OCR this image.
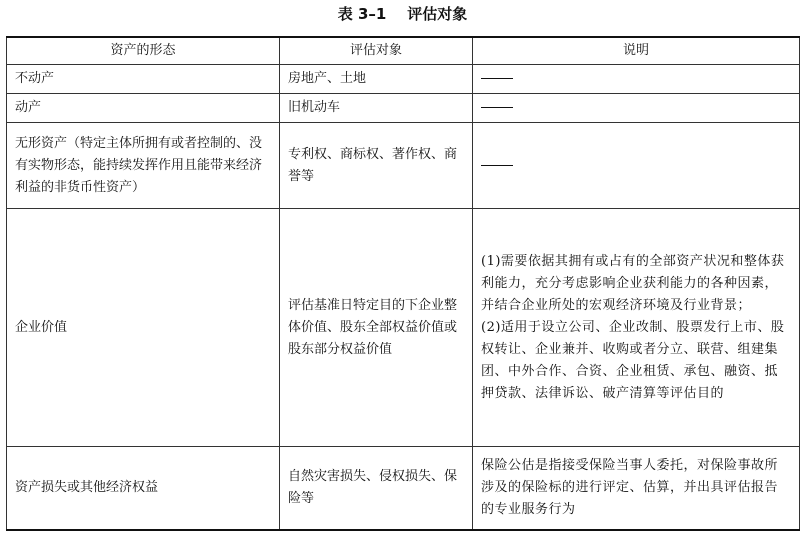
表 3–1 评估对象
资产的形态	评估对象	说明
不动产	房地产、土地	
动产	旧机动车	
无形资产（特定主体所拥有或者控制的、没有实物形态，能持续发挥作用且能带来经济利益的非货币性资产）	专利权、商标权、著作权、商誉等	
企业价值	评估基准日特定目的下企业整体价值、股东全部权益价值或股东部分权益价值	(1)需要依据其拥有或占有的全部资产状况和整体获利能力，充分考虑影响企业获利能力的各种因素，并结合企业所处的宏观经济环境及行业背景；
(2)适用于设立公司、企业改制、股票发行上市、股权转让、企业兼并、收购或者分立、联营、组建集团、中外合作、合资、企业租赁、承包、融资、抵押贷款、法律诉讼、破产清算等评估目的

资产损失或其他经济权益	自然灾害损失、侵权损失、保险等	保险公估是指接受保险当事人委托，对保险事故所涉及的保险标的进行评定、估算，并出具评估报告的专业服务行为
